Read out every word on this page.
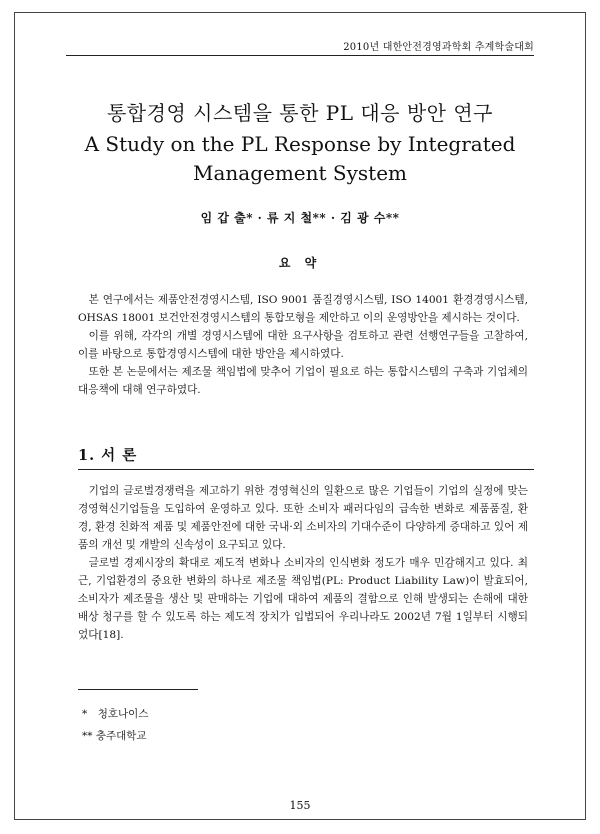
2010년 대한안전경영과학회 추계학술대회
통합경영 시스템을 통한 PL 대응 방안 연구
A Study on the PL Response by Integrated
Management System
임 갑 출* · 류 지 철** · 김 광 수**
요 약

본 연구에서는 제품안전경영시스템, ISO 9001 품질경영시스템, ISO 14001 환경경영시스템, OHSAS 18001 보건안전경영시스템의 통합모형을 제안하고 이의 운영방안을 제시하는 것이다.

이를 위해, 각각의 개별 경영시스템에 대한 요구사항을 검토하고 관련 선행연구들을 고찰하여, 이를 바탕으로 통합경영시스템에 대한 방안을 제시하였다.

또한 본 논문에서는 제조물 책임법에 맞추어 기업이 필요로 하는 통합시스템의 구축과 기업체의 대응책에 대해 연구하였다.

1. 서 론

기업의 글로벌경쟁력을 제고하기 위한 경영혁신의 일환으로 많은 기업들이 기업의 실정에 맞는 경영혁신기업들을 도입하여 운영하고 있다. 또한 소비자 패러다임의 급속한 변화로 제품품질, 환경, 환경 친화적 제품 및 제품안전에 대한 국내·외 소비자의 기대수준이 다양하게 증대하고 있어 제품의 개선 및 개발의 신속성이 요구되고 있다.

글로벌 경제시장의 확대로 제도적 변화나 소비자의 인식변화 정도가 매우 민감해지고 있다. 최근, 기업환경의 중요한 변화의 하나로 제조물 책임법(PL: Product Liability Law)이 발효되어, 소비자가 제조물을 생산 및 판매하는 기업에 대하여 제품의 결함으로 인해 발생되는 손해에 대한 배상 청구를 할 수 있도록 하는 제도적 장치가 입법되어 우리나라도 2002년 7월 1일부터 시행되었다[18].

*　청호나이스
** 충주대학교
155
